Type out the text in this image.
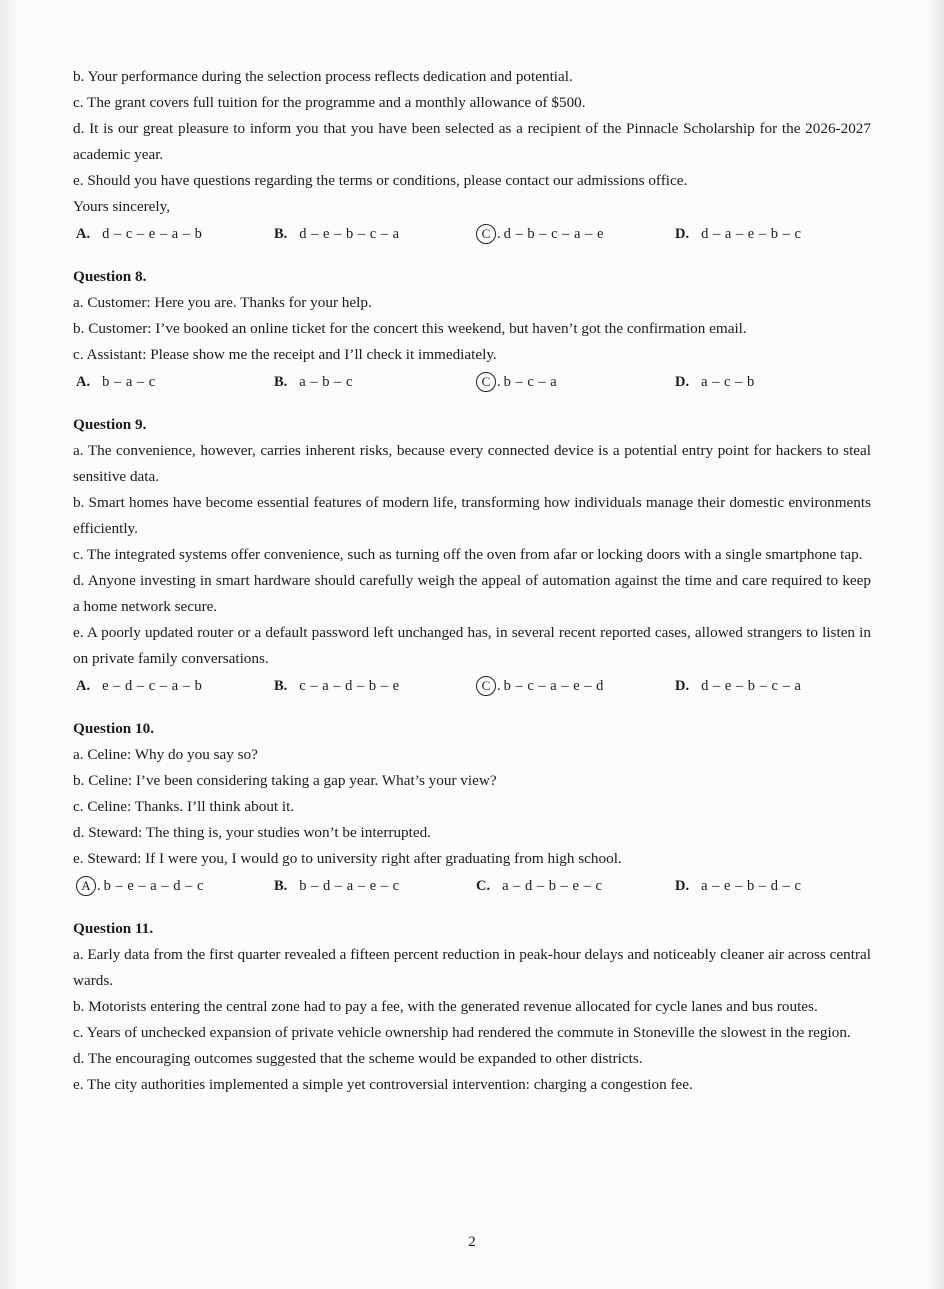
b. Your performance during the selection process reflects dedication and potential.
c. The grant covers full tuition for the programme and a monthly allowance of $500.
d. It is our great pleasure to inform you that you have been selected as a recipient of the Pinnacle Scholarship for the 2026-2027 academic year.
e. Should you have questions regarding the terms or conditions, please contact our admissions office.
Yours sincerely,
A. d – c – e – a – b	B. d – e – b – c – a	C . d – b – c – a – e	D. d – a – e – b – c
Question 8.
a. Customer: Here you are. Thanks for your help.
b. Customer: I’ve booked an online ticket for the concert this weekend, but haven’t got the confirmation email.
c. Assistant: Please show me the receipt and I’ll check it immediately.
A. b – a – c	B. a – b – c	C . b – c – a	D. a – c – b
Question 9.
a. The convenience, however, carries inherent risks, because every connected device is a potential entry point for hackers to steal sensitive data.
b. Smart homes have become essential features of modern life, transforming how individuals manage their domestic environments efficiently.
c. The integrated systems offer convenience, such as turning off the oven from afar or locking doors with a single smartphone tap.
d. Anyone investing in smart hardware should carefully weigh the appeal of automation against the time and care required to keep a home network secure.
e. A poorly updated router or a default password left unchanged has, in several recent reported cases, allowed strangers to listen in on private family conversations.
A. e – d – c – a – b	B. c – a – d – b – e	C . b – c – a – e – d	D. d – e – b – c – a
Question 10.
a. Celine: Why do you say so?
b. Celine: I’ve been considering taking a gap year. What’s your view?
c. Celine: Thanks. I’ll think about it.
d. Steward: The thing is, your studies won’t be interrupted.
e. Steward: If I were you, I would go to university right after graduating from high school.
A . b – e – a – d – c	B. b – d – a – e – c	C. a – d – b – e – c	D. a – e – b – d – c
Question 11.
a. Early data from the first quarter revealed a fifteen percent reduction in peak-hour delays and noticeably cleaner air across central wards.
b. Motorists entering the central zone had to pay a fee, with the generated revenue allocated for cycle lanes and bus routes.
c. Years of unchecked expansion of private vehicle ownership had rendered the commute in Stoneville the slowest in the region.
d. The encouraging outcomes suggested that the scheme would be expanded to other districts.
e. The city authorities implemented a simple yet controversial intervention: charging a congestion fee.
2
